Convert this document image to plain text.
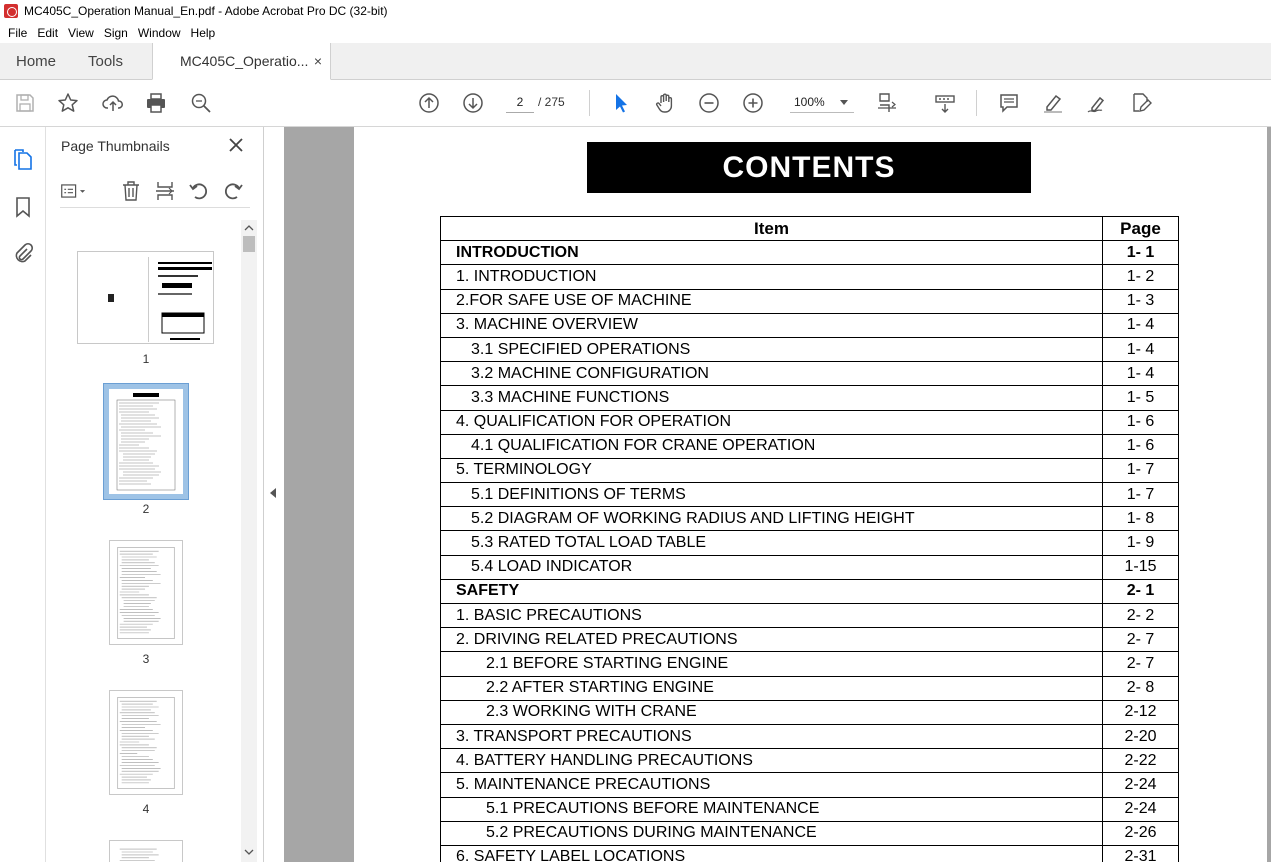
MC405C_Operation Manual_En.pdf - Adobe Acrobat Pro DC (32-bit)
File Edit View Sign Window Help
Home Tools	MC405C_Operatio... ×
2
/ 275	100%
Page Thumbnails
1
2
3
4
CONTENTS
Item	Page
INTRODUCTION	1- 1
1. INTRODUCTION	1- 2
2.FOR SAFE USE OF MACHINE	1- 3
3. MACHINE OVERVIEW	1- 4
3.1 SPECIFIED OPERATIONS	1- 4
3.2 MACHINE CONFIGURATION	1- 4
3.3 MACHINE FUNCTIONS	1- 5
4. QUALIFICATION FOR OPERATION	1- 6
4.1 QUALIFICATION FOR CRANE OPERATION	1- 6
5. TERMINOLOGY	1- 7
5.1 DEFINITIONS OF TERMS	1- 7
5.2 DIAGRAM OF WORKING RADIUS AND LIFTING HEIGHT	1- 8
5.3 RATED TOTAL LOAD TABLE	1- 9
5.4 LOAD INDICATOR	1-15
SAFETY	2- 1
1. BASIC PRECAUTIONS	2- 2
2. DRIVING RELATED PRECAUTIONS	2- 7
2.1 BEFORE STARTING ENGINE	2- 7
2.2 AFTER STARTING ENGINE	2- 8
2.3 WORKING WITH CRANE	2-12
3. TRANSPORT PRECAUTIONS	2-20
4. BATTERY HANDLING PRECAUTIONS	2-22
5. MAINTENANCE PRECAUTIONS	2-24
5.1 PRECAUTIONS BEFORE MAINTENANCE	2-24
5.2 PRECAUTIONS DURING MAINTENANCE	2-26
6. SAFETY LABEL LOCATIONS	2-31
